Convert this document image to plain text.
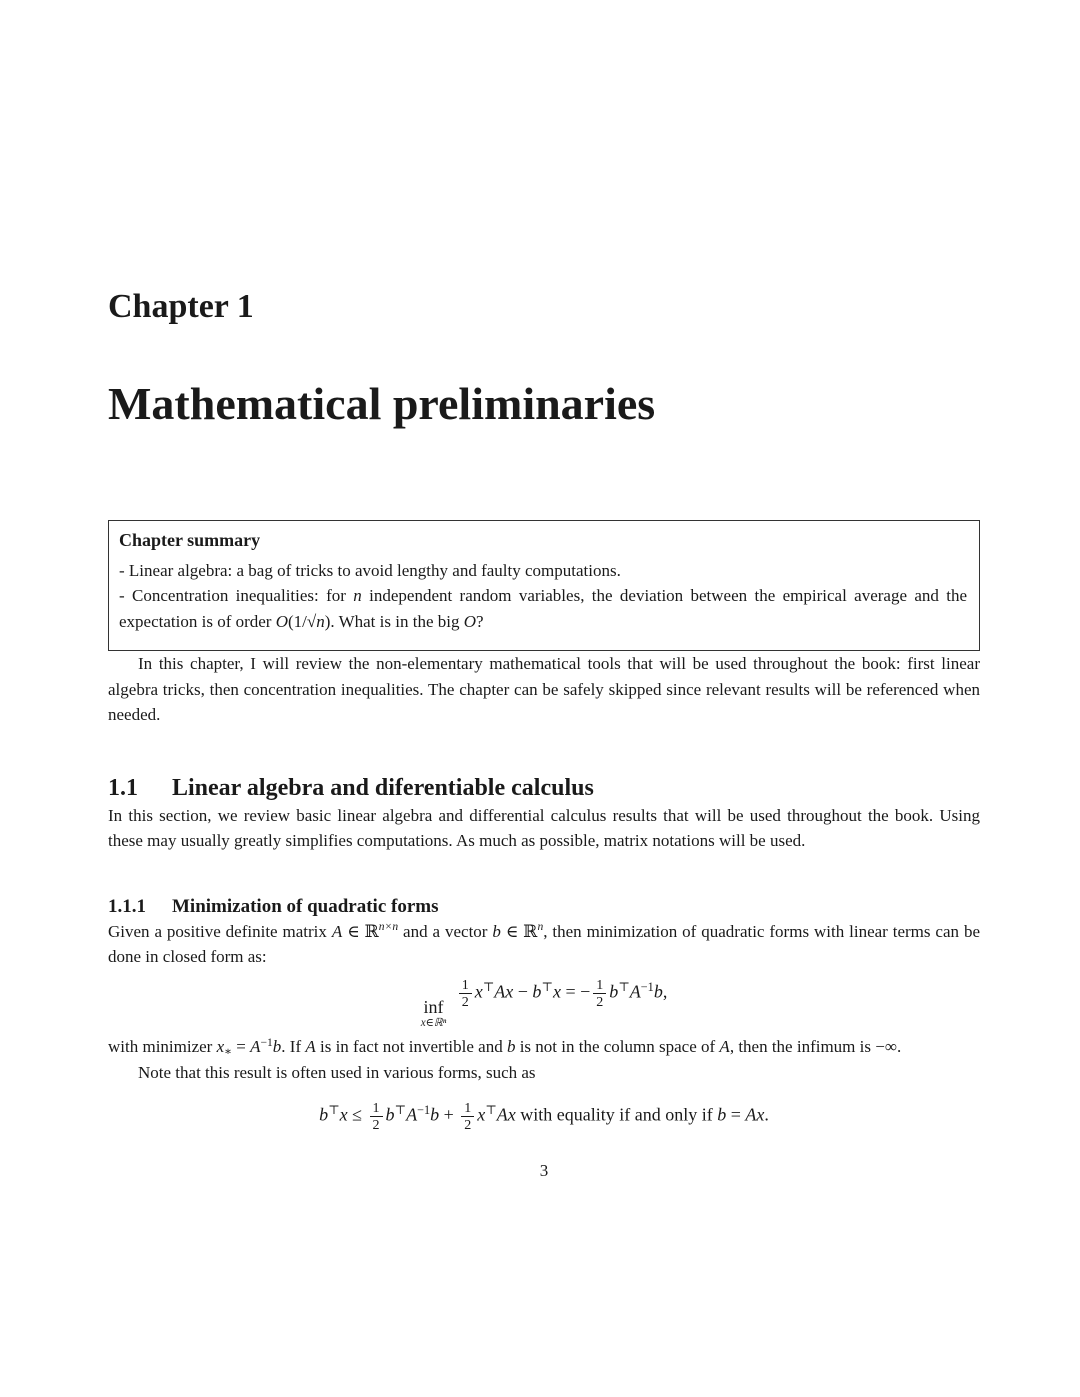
Chapter 1
Mathematical preliminaries

Chapter summary

- Linear algebra: a bag of tricks to avoid lengthy and faulty computations.

- Concentration inequalities: for n independent random variables, the deviation between the empirical average and the expectation is of order O(1/√n). What is in the big O?

In this chapter, I will review the non-elementary mathematical tools that will be used throughout the book: first linear algebra tricks, then concentration inequalities. The chapter can be safely skipped since relevant results will be referenced when needed.

1.1 Linear algebra and diferentiable calculus

In this section, we review basic linear algebra and differential calculus results that will be used throughout the book. Using these may usually greatly simplifies computations. As much as possible, matrix notations will be used.

1.1.1 Minimization of quadratic forms

Given a positive definite matrix A ∈ ℝ$^{n\times n}$ and a vector b ∈ ℝ$^n$, then minimization of quadratic forms with linear terms can be done in closed form as:

inf
x∈ℝⁿ

$\frac{1}{2} x^⊤Ax - b^⊤x$ = − $\frac{1}{2} b^⊤A^{-1}b$,

with minimizer $x_∗ = A^{-1}b$. If A is in fact not invertible and b is not in the column space of A, then the infimum is −∞.

Note that this result is often used in various forms, such as

$b^⊤x \le \frac{1}{2} b^⊤A^{-1}b + \frac{1}{2} x^⊤Ax$ with equality if and only if b = Ax.

3
